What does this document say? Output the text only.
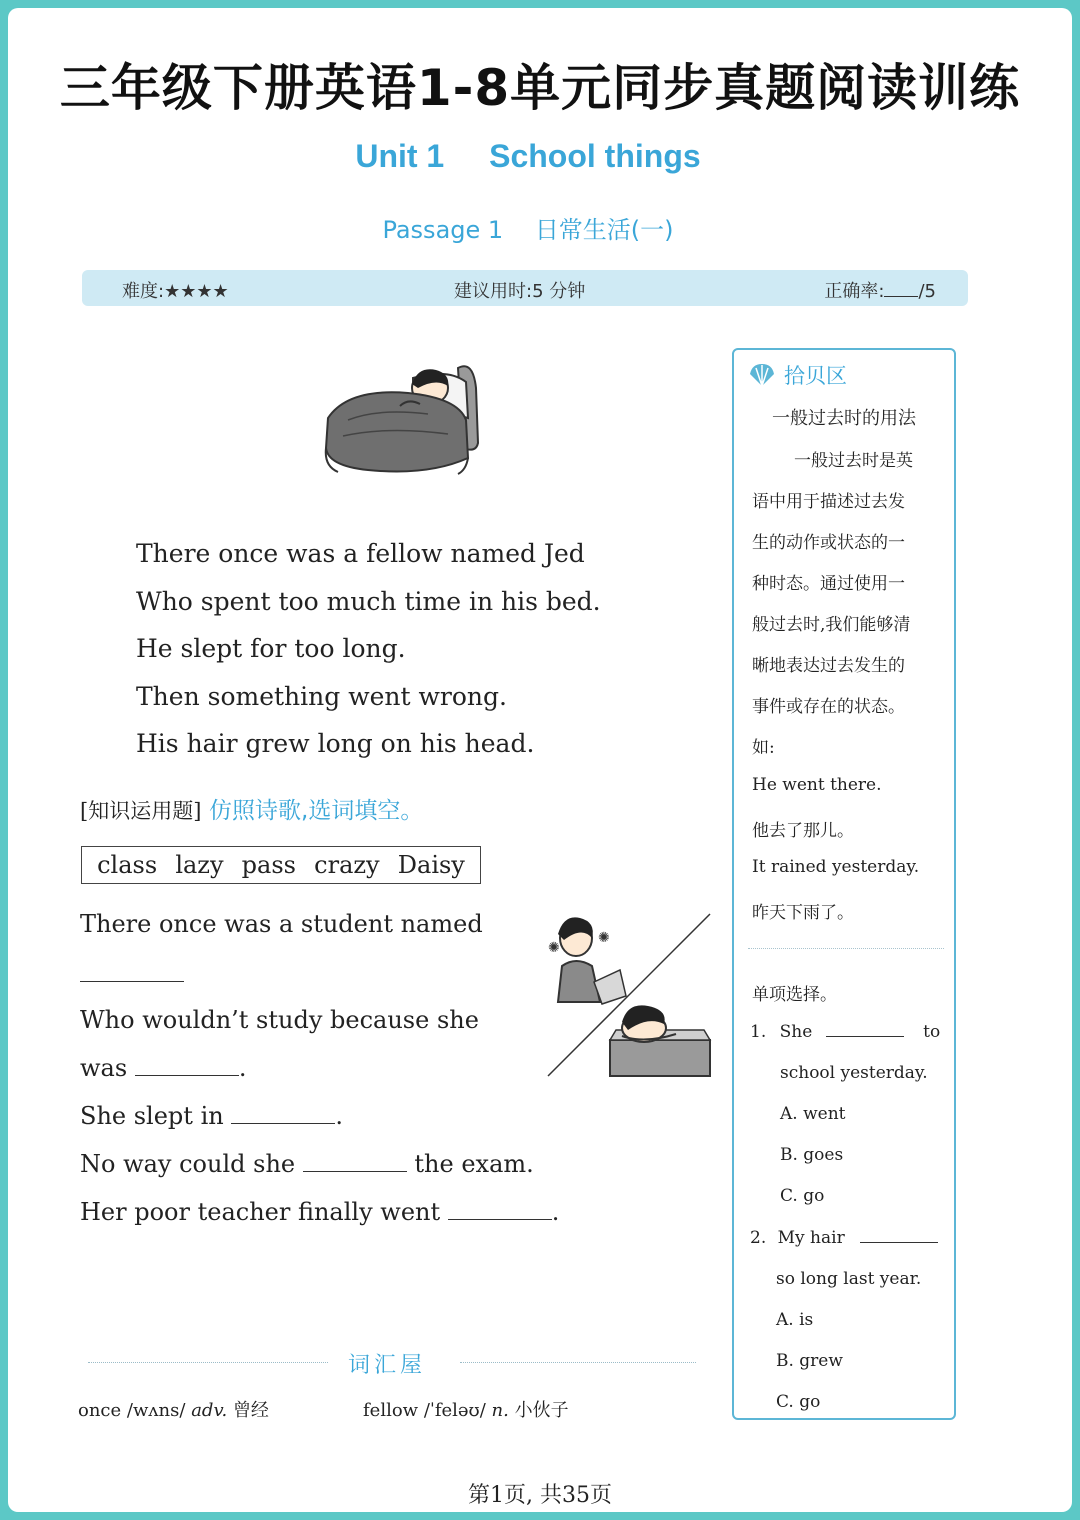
三年级下册英语1-8单元同步真题阅读训练
Unit 1 School things
Passage 1 日常生活(一)
难度:★★★★	建议用时:5 分钟	正确率: /5
There once was a fellow named Jed
Who spent too much time in his bed.
He slept for too long.
Then something went wrong.
His hair grew long on his head.
[知识运用题] 仿照诗歌,选词填空。
class lazy pass crazy Daisy
There once was a student named
Who wouldn’t study because she
was	.
She slept in	.
No way could she	the exam.
Her poor teacher finally went	.
✺
✺
词汇屋
once /wʌns/ adv. 曾经	fellow /ˈfeləʊ/ n. 小伙子
拾贝区
一般过去时的用法
一般过去时是英
语中用于描述过去发
生的动作或状态的一
种时态。通过使用一
般过去时,我们能够清
晰地表达过去发生的
事件或存在的状态。
如:
He went there.
他去了那儿。
It rained yesterday.
昨天下雨了。
单项选择。
1. She	to
school yesterday.
A. went
B. goes
C. go
2. My hair
so long last year.
A. is
B. grew
C. go
第1页, 共35页
